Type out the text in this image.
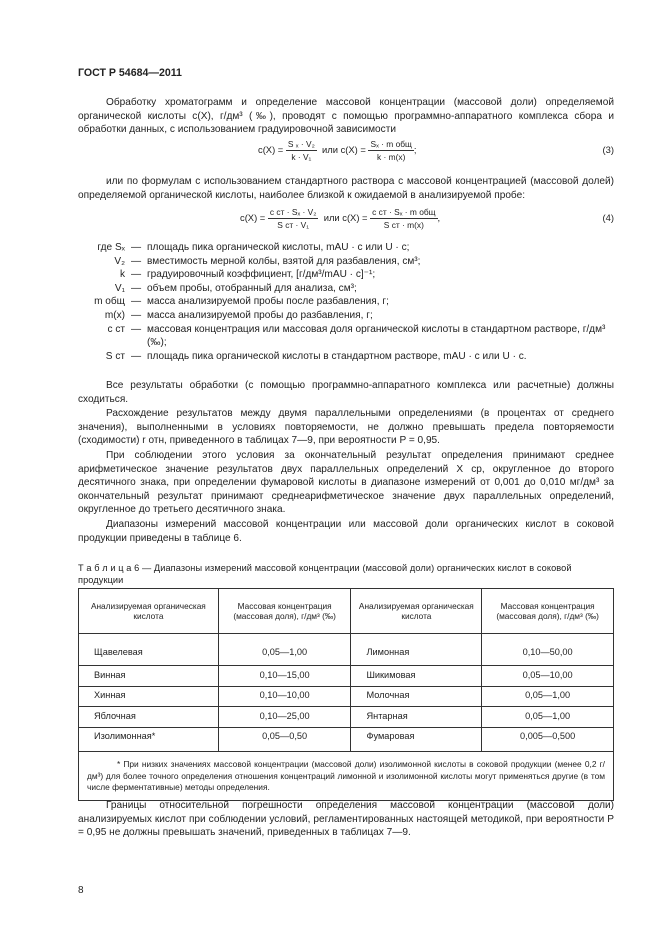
ГОСТ Р 54684—2011
Обработку хроматограмм и определение массовой концентрации (массовой доли) определяемой органической кислоты c(X), г/дм³ (‰), проводят с помощью программно-аппаратного комплекса сбора и обработки данных, с использованием градуировочной зависимости
$c(X) = \frac{\text{S ₓ · V₂}}{\text{k · V₁}}$ или $c(X) = \frac{\text{Sₓ · m общ}}{k \cdot m(x)}$ ;	(3)
или по формулам с использованием стандартного раствора с массовой концентрацией (массовой долей) определяемой органической кислоты, наиболее близкой к ожидаемой в анализируемой пробе:
$c(X) = \frac{\text{c ст · Sₓ · V₂}}{\text{S ст · V₁}}$ или $c(X) = \frac{\text{c ст · Sₓ · m общ}}{\text{S ст · m(x)}}$ ,	(4)
где Sₓ — площадь пика органической кислоты, mAU · c или U · c;
V₂ — вместимость мерной колбы, взятой для разбавления, см³;
k — градуировочный коэффициент, [г/дм³/mAU · c]⁻¹;
V₁ — объем пробы, отобранный для анализа, см³;
m общ — масса анализируемой пробы после разбавления, г;
m(x) — масса анализируемой пробы до разбавления, г;
c ст — массовая концентрация или массовая доля органической кислоты в стандартном растворе, г/дм³ (‰);
S ст — площадь пика органической кислоты в стандартном растворе, mAU · c или U · c.
Все результаты обработки (с помощью программно-аппаратного комплекса или расчетные) должны сходиться.
Расхождение результатов между двумя параллельными определениями (в процентах от среднего значения), выполненными в условиях повторяемости, не должно превышать предела повторяемости (сходимости) r отн, приведенного в таблицах 7—9, при вероятности P = 0,95.
При соблюдении этого условия за окончательный результат определения принимают среднее арифметическое значение результатов двух параллельных определений X ср, округленное до второго десятичного знака, при определении фумаровой кислоты в диапазоне измерений от 0,001 до 0,010 мг/дм³ за окончательный результат принимают среднеарифметическое значение двух параллельных определений, округленное до третьего десятичного знака.
Диапазоны измерений массовой концентрации или массовой доли органических кислот в соковой продукции приведены в таблице 6.
Т а б л и ц а 6 — Диапазоны измерений массовой концентрации (массовой доли) органических кислот в соковой продукции
Анализируемая органическая кислота	Массовая концентрация (массовая доля), г/дм³ (‰)	Анализируемая органическая кислота	Массовая концентрация (массовая доля), г/дм³ (‰)
Щавелевая	0,05—1,00	Лимонная	0,10—50,00
Винная	0,10—15,00	Шикимовая	0,05—10,00
Хинная	0,10—10,00	Молочная	0,05—1,00
Яблочная	0,10—25,00	Янтарная	0,05—1,00
Изолимонная*	0,05—0,50	Фумаровая	0,005—0,500
* При низких значениях массовой концентрации (массовой доли) изолимонной кислоты в соковой продукции (менее 0,2 г/дм³) для более точного определения отношения концентраций лимонной и изолимонной кислоты могут применяться другие (в том числе ферментативные) методы определения.			
Границы относительной погрешности определения массовой концентрации (массовой доли) анализируемых кислот при соблюдении условий, регламентированных настоящей методикой, при вероятности P = 0,95 не должны превышать значений, приведенных в таблицах 7—9.
8
